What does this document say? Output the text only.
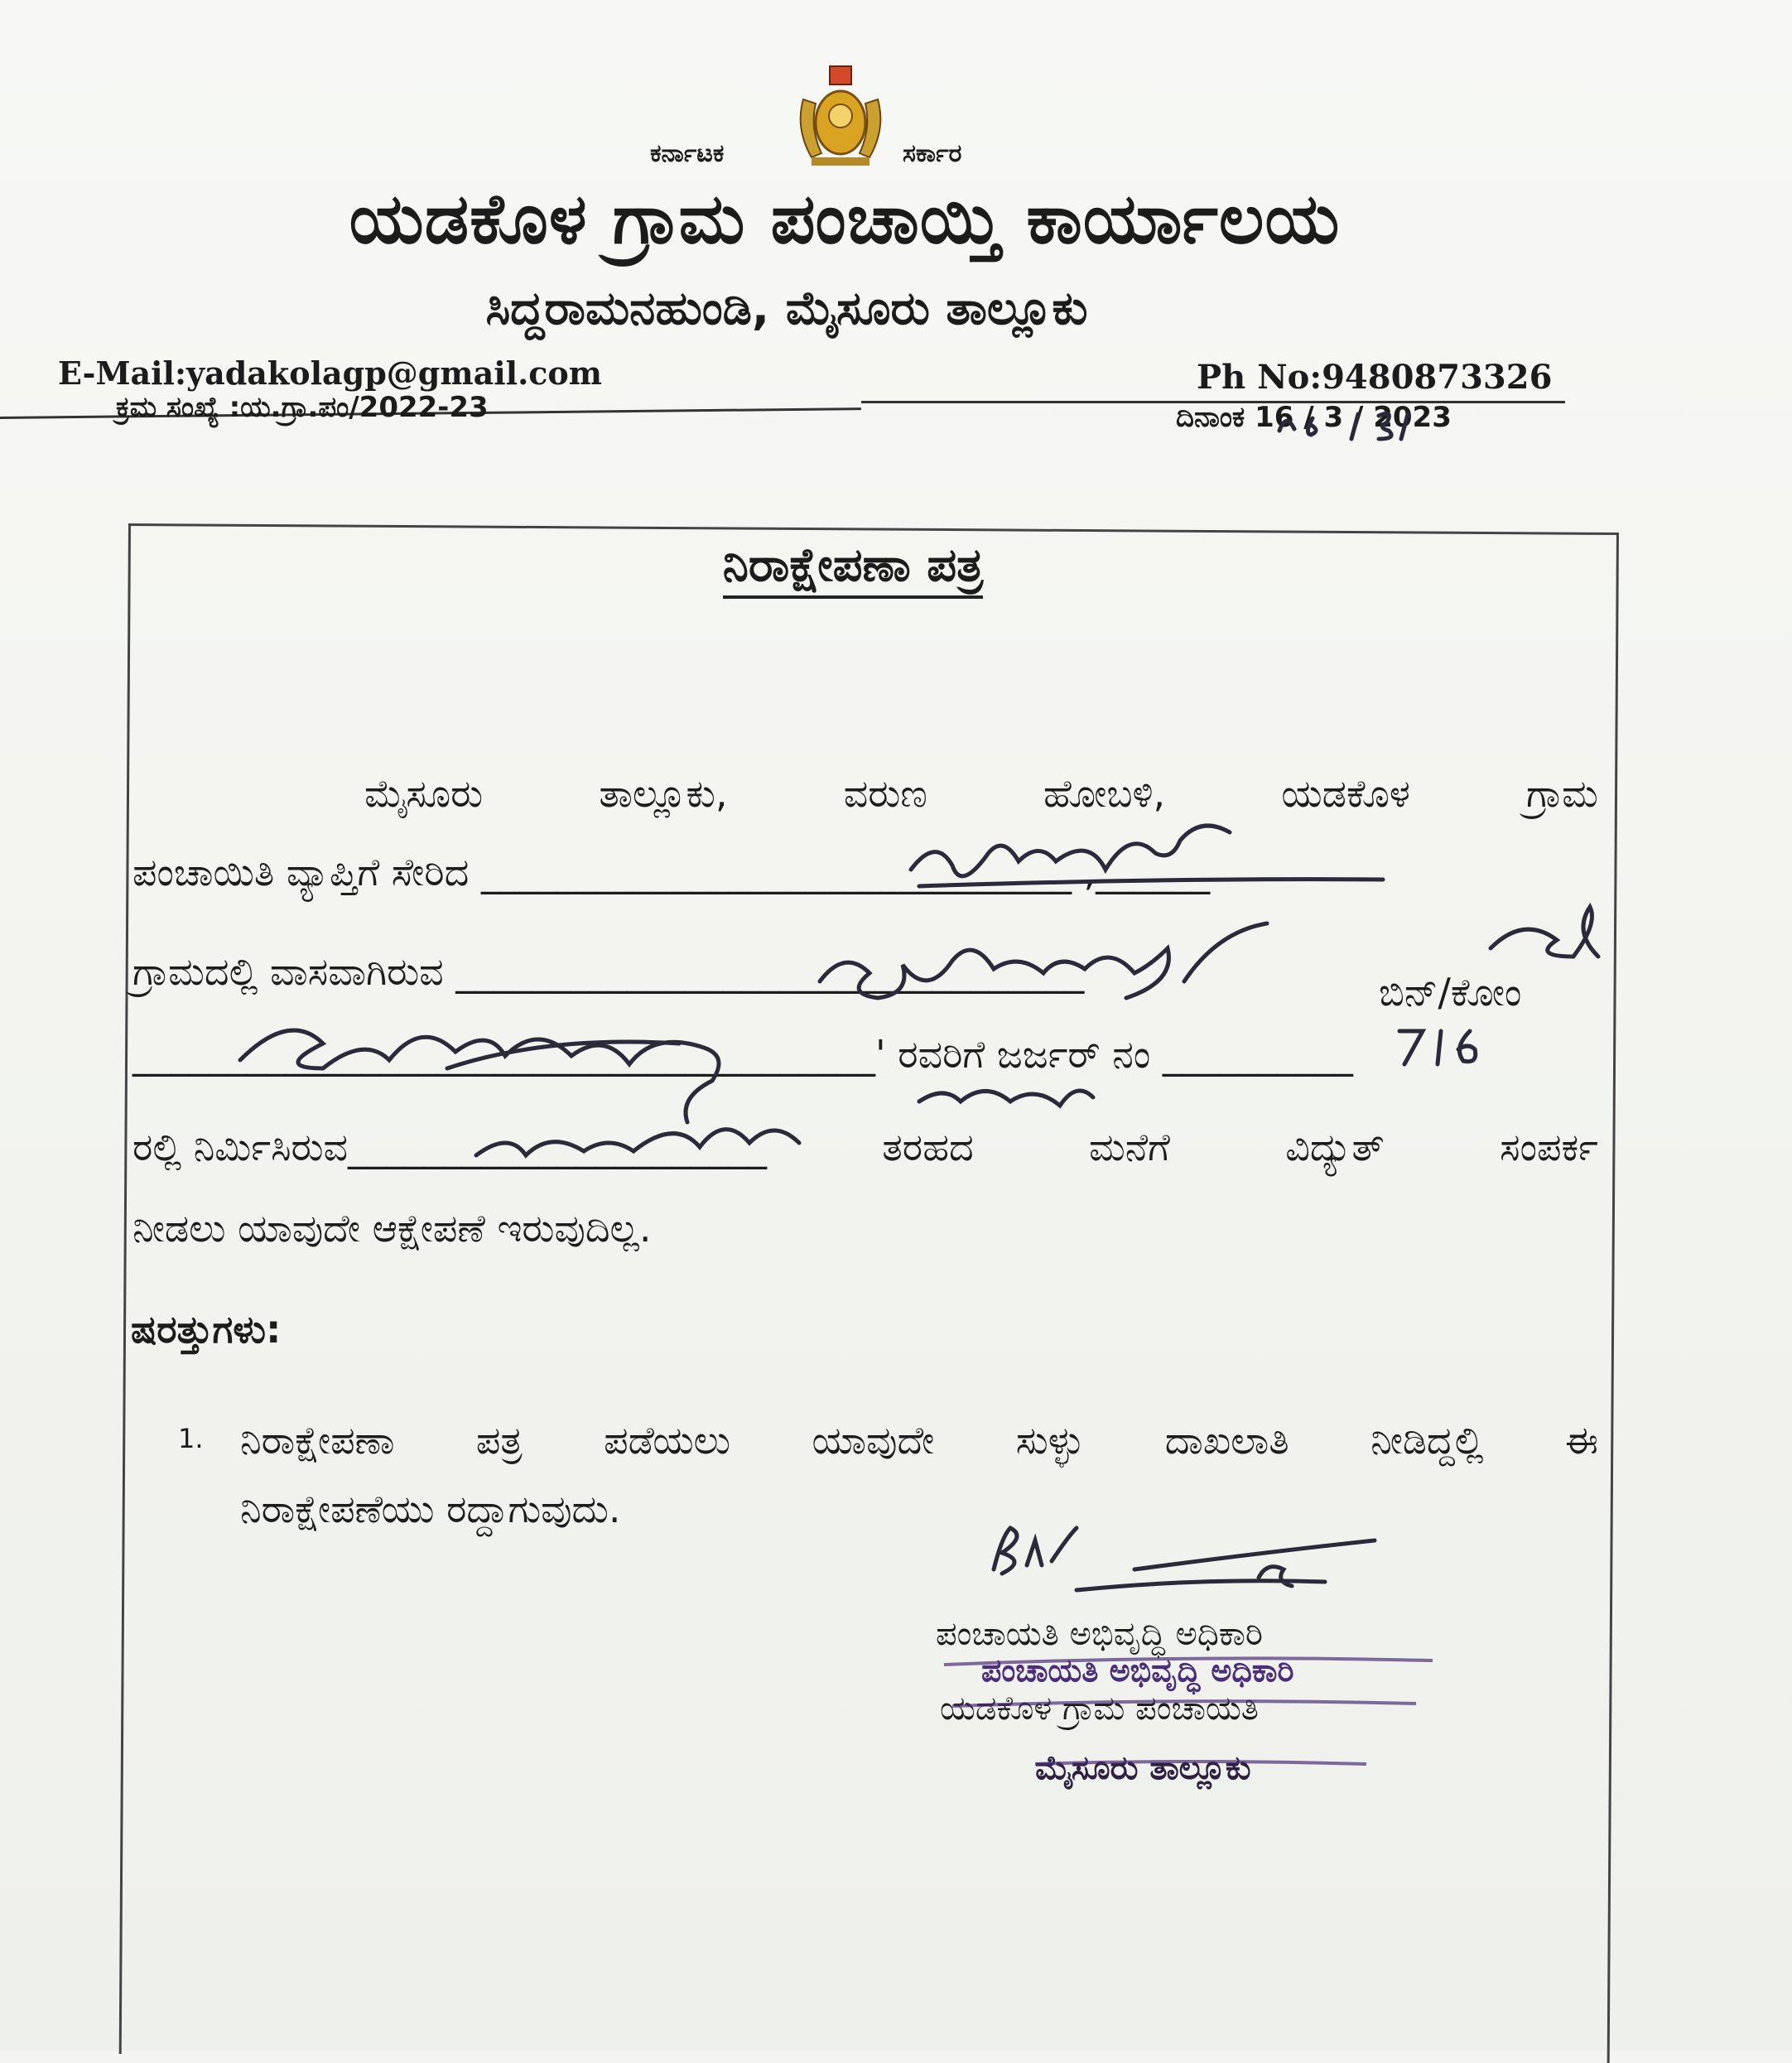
ಕರ್ನಾಟಕ	ಸರ್ಕಾರ
ಯಡಕೊಳ ಗ್ರಾಮ ಪಂಚಾಯ್ತಿ ಕಾರ್ಯಾಲಯ
ಸಿದ್ದರಾಮನಹುಂಡಿ, ಮೈಸೂರು ತಾಲ್ಲೂಕು
E-Mail:yadakolagp@gmail.com	Ph No:9480873326
ಕ್ರಮ ಸಂಖ್ಯೆ :ಯ.ಗ್ರಾ.ಪಂ/2022-23	ದಿನಾಂಕ 16 / 3 / 2023
ನಿರಾಕ್ಷೇಪಣಾ ಪತ್ರ
ಮೈಸೂರು	ತಾಲ್ಲೂಕು,	ವರುಣ	ಹೋಬಳಿ,	ಯಡಕೊಳ	ಗ್ರಾಮ
ಪಂಚಾಯಿತಿ ವ್ಯಾಪ್ತಿಗೆ ಸೇರಿದ _______________________________ ,______
ಗ್ರಾಮದಲ್ಲಿ ವಾಸವಾಗಿರುವ _________________________________	ಬಿನ್/ಕೋಂ
_______________________________________' ರವರಿಗೆ ಜರ್ಜರ್ ನಂ __________
ರಲ್ಲಿ ನಿರ್ಮಿಸಿರುವ______________________	ತರಹದ	ಮನೆಗೆ	ವಿದ್ಯುತ್	ಸಂಪರ್ಕ
ನೀಡಲು ಯಾವುದೇ ಆಕ್ಷೇಪಣೆ ಇರುವುದಿಲ್ಲ.
ಷರತ್ತುಗಳು:
1. ನಿರಾಕ್ಷೇಪಣಾ ಪತ್ರ ಪಡೆಯಲು ಯಾವುದೇ ಸುಳ್ಳು ದಾಖಲಾತಿ ನೀಡಿದ್ದಲ್ಲಿ ಈ
ನಿರಾಕ್ಷೇಪಣೆಯು ರದ್ದಾಗುವುದು.
ಪಂಚಾಯತಿ ಅಭಿವೃದ್ಧಿ ಅಧಿಕಾರಿ
ಪಂಚಾಯತಿ ಅಭಿವೃದ್ಧಿ ಅಧಿಕಾರಿ
ಯಡಕೊಳ ಗ್ರಾಮ ಪಂಚಾಯತಿ
ಮೈಸೂರು ತಾಲ್ಲೂಕು
